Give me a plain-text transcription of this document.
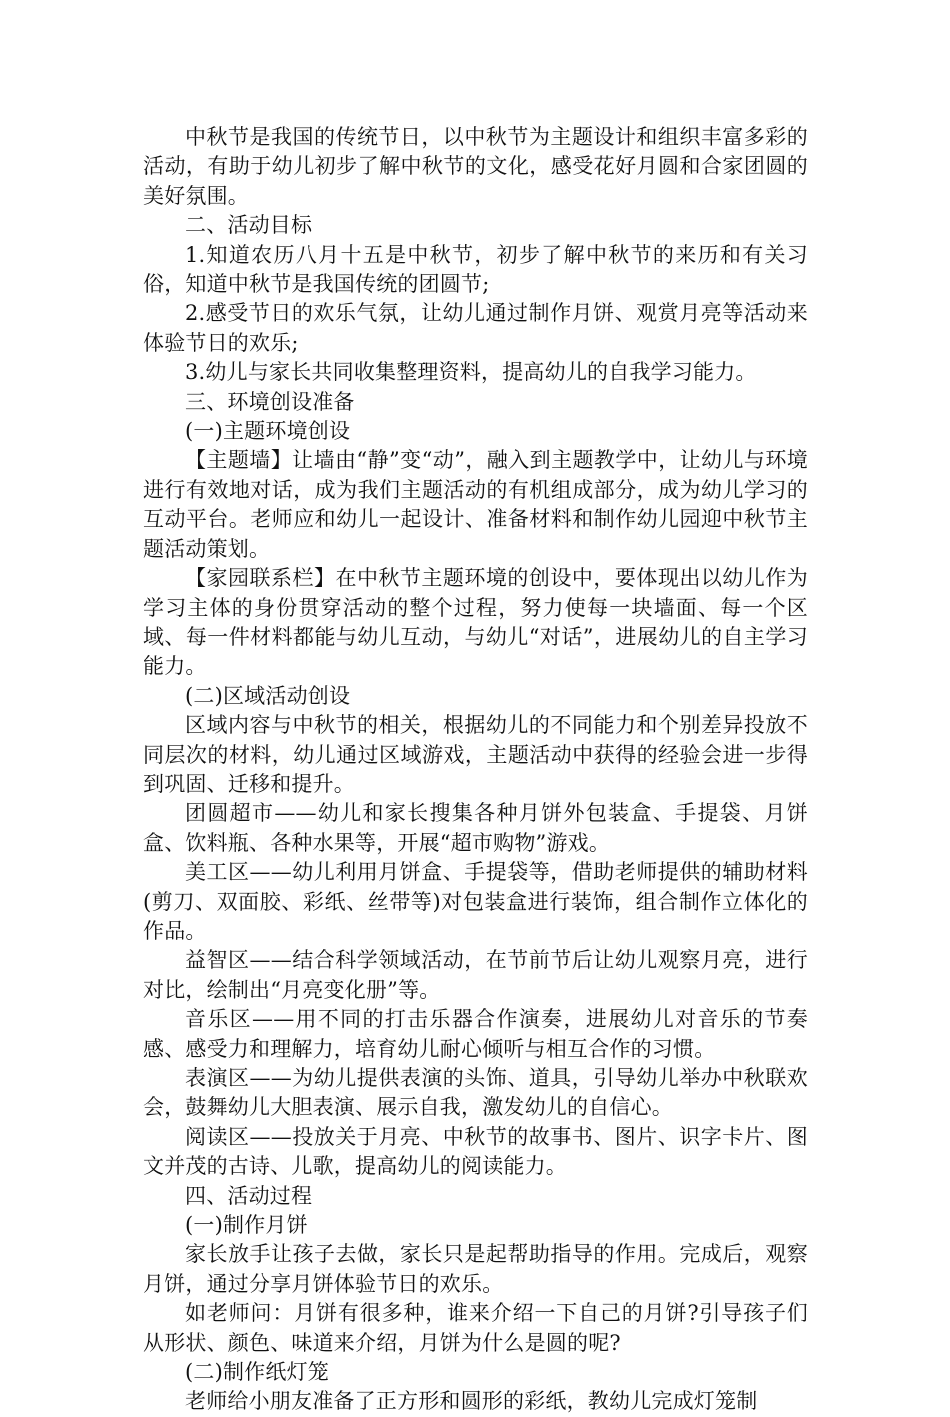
中秋节是我国的传统节日，以中秋节为主题设计和组织丰富多彩的活动，有助于幼儿初步了解中秋节的文化，感受花好月圆和合家团圆的美好氛围。

二、活动目标

1.知道农历八月十五是中秋节，初步了解中秋节的来历和有关习俗，知道中秋节是我国传统的团圆节;

2.感受节日的欢乐气氛，让幼儿通过制作月饼、观赏月亮等活动来体验节日的欢乐;

3.幼儿与家长共同收集整理资料，提高幼儿的自我学习能力。

三、环境创设准备

(一)主题环境创设

【主题墙】让墙由“静”变“动”，融入到主题教学中，让幼儿与环境进行有效地对话，成为我们主题活动的有机组成部分，成为幼儿学习的互动平台。老师应和幼儿一起设计、准备材料和制作幼儿园迎中秋节主题活动策划。

【家园联系栏】在中秋节主题环境的创设中，要体现出以幼儿作为学习主体的身份贯穿活动的整个过程，努力使每一块墙面、每一个区域、每一件材料都能与幼儿互动，与幼儿“对话”，进展幼儿的自主学习能力。

(二)区域活动创设

区域内容与中秋节的相关，根据幼儿的不同能力和个别差异投放不同层次的材料，幼儿通过区域游戏，主题活动中获得的经验会进一步得到巩固、迁移和提升。

团圆超市——幼儿和家长搜集各种月饼外包装盒、手提袋、月饼盒、饮料瓶、各种水果等，开展“超市购物”游戏。

美工区——幼儿利用月饼盒、手提袋等，借助老师提供的辅助材料(剪刀、双面胶、彩纸、丝带等)对包装盒进行装饰，组合制作立体化的作品。

益智区——结合科学领域活动，在节前节后让幼儿观察月亮，进行对比，绘制出“月亮变化册”等。

音乐区——用不同的打击乐器合作演奏，进展幼儿对音乐的节奏感、感受力和理解力，培育幼儿耐心倾听与相互合作的习惯。

表演区——为幼儿提供表演的头饰、道具，引导幼儿举办中秋联欢会，鼓舞幼儿大胆表演、展示自我，激发幼儿的自信心。

阅读区——投放关于月亮、中秋节的故事书、图片、识字卡片、图文并茂的古诗、儿歌，提高幼儿的阅读能力。

四、活动过程

(一)制作月饼

家长放手让孩子去做，家长只是起帮助指导的作用。完成后，观察月饼，通过分享月饼体验节日的欢乐。

如老师问：月饼有很多种，谁来介绍一下自己的月饼?引导孩子们从形状、颜色、味道来介绍，月饼为什么是圆的呢?

(二)制作纸灯笼

老师给小朋友准备了正方形和圆形的彩纸，教幼儿完成灯笼制
